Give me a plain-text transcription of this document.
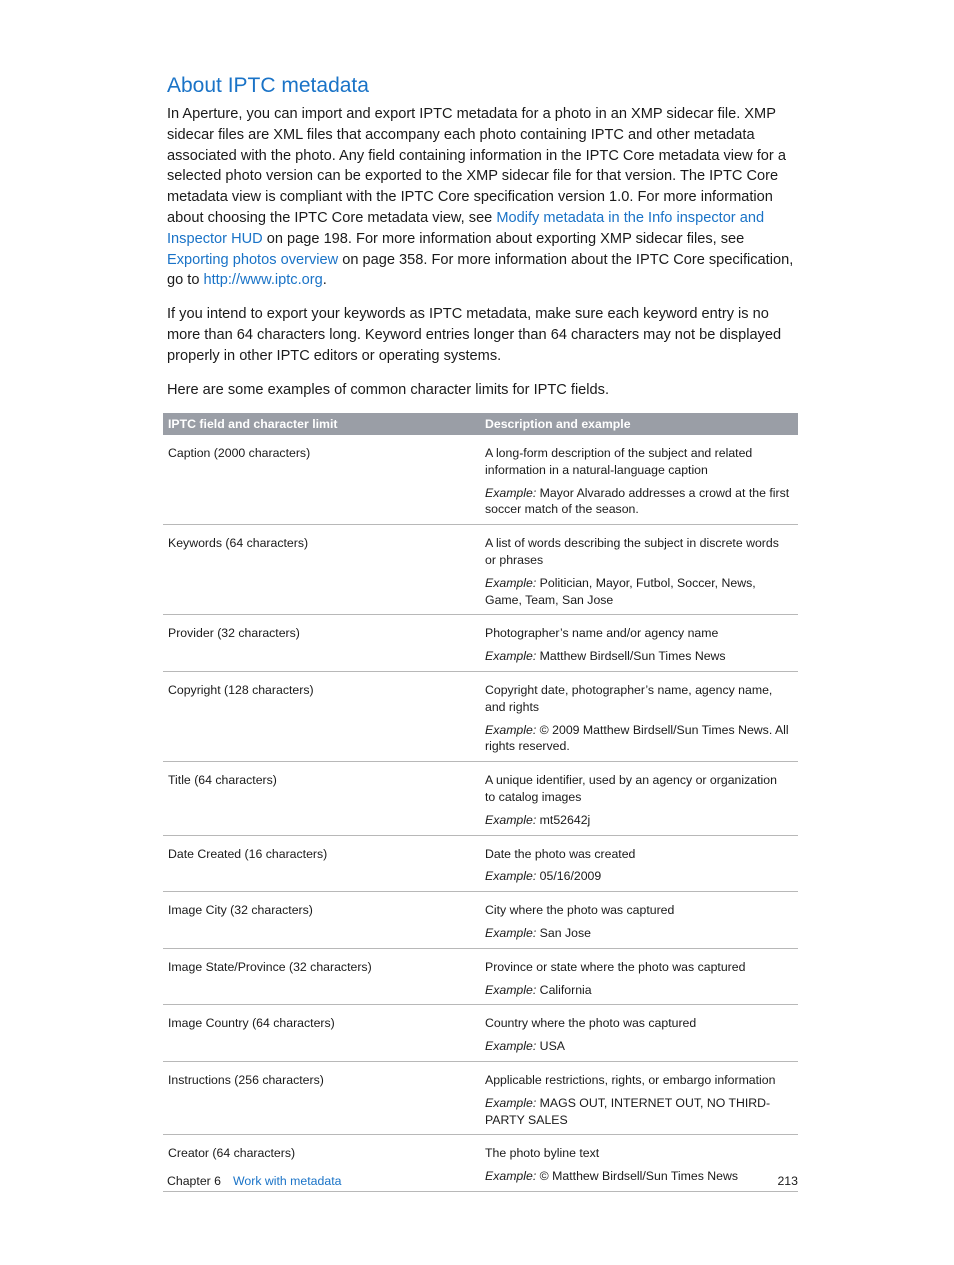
About IPTC metadata

In Aperture, you can import and export IPTC metadata for a photo in an XMP sidecar file. XMP sidecar files are XML files that accompany each photo containing IPTC and other metadata associated with the photo. Any field containing information in the IPTC Core metadata view for a selected photo version can be exported to the XMP sidecar file for that version. The IPTC Core metadata view is compliant with the IPTC Core specification version 1.0. For more information about choosing the IPTC Core metadata view, see Modify metadata in the Info inspector and Inspector HUD on page 198. For more information about exporting XMP sidecar files, see Exporting photos overview on page 358. For more information about the IPTC Core specification, go to http://www.iptc.org.

If you intend to export your keywords as IPTC metadata, make sure each keyword entry is no more than 64 characters long. Keyword entries longer than 64 characters may not be displayed properly in other IPTC editors or operating systems.

Here are some examples of common character limits for IPTC fields.

IPTC field and character limit	Description and example
Caption (2000 characters)	A long-form description of the subject and related information in a natural-language caption
Example: Mayor Alvarado addresses a crowd at the first soccer match of the season.
Keywords (64 characters)	A list of words describing the subject in discrete words or phrases
Example: Politician, Mayor, Futbol, Soccer, News, Game, Team, San Jose
Provider (32 characters)	Photographer’s name and/or agency name
Example: Matthew Birdsell/Sun Times News
Copyright (128 characters)	Copyright date, photographer’s name, agency name, and rights
Example: © 2009 Matthew Birdsell/Sun Times News. All rights reserved.
Title (64 characters)	A unique identifier, used by an agency or organization to catalog images
Example: mt52642j
Date Created (16 characters)	Date the photo was created
Example: 05/16/2009
Image City (32 characters)	City where the photo was captured
Example: San Jose
Image State/Province (32 characters)	Province or state where the photo was captured
Example: California
Image Country (64 characters)	Country where the photo was captured
Example: USA
Instructions (256 characters)	Applicable restrictions, rights, or embargo information
Example: MAGS OUT, INTERNET OUT, NO THIRD-PARTY SALES
Creator (64 characters)	The photo byline text
Example: © Matthew Birdsell/Sun Times News
Chapter 6 Work with metadata	213
